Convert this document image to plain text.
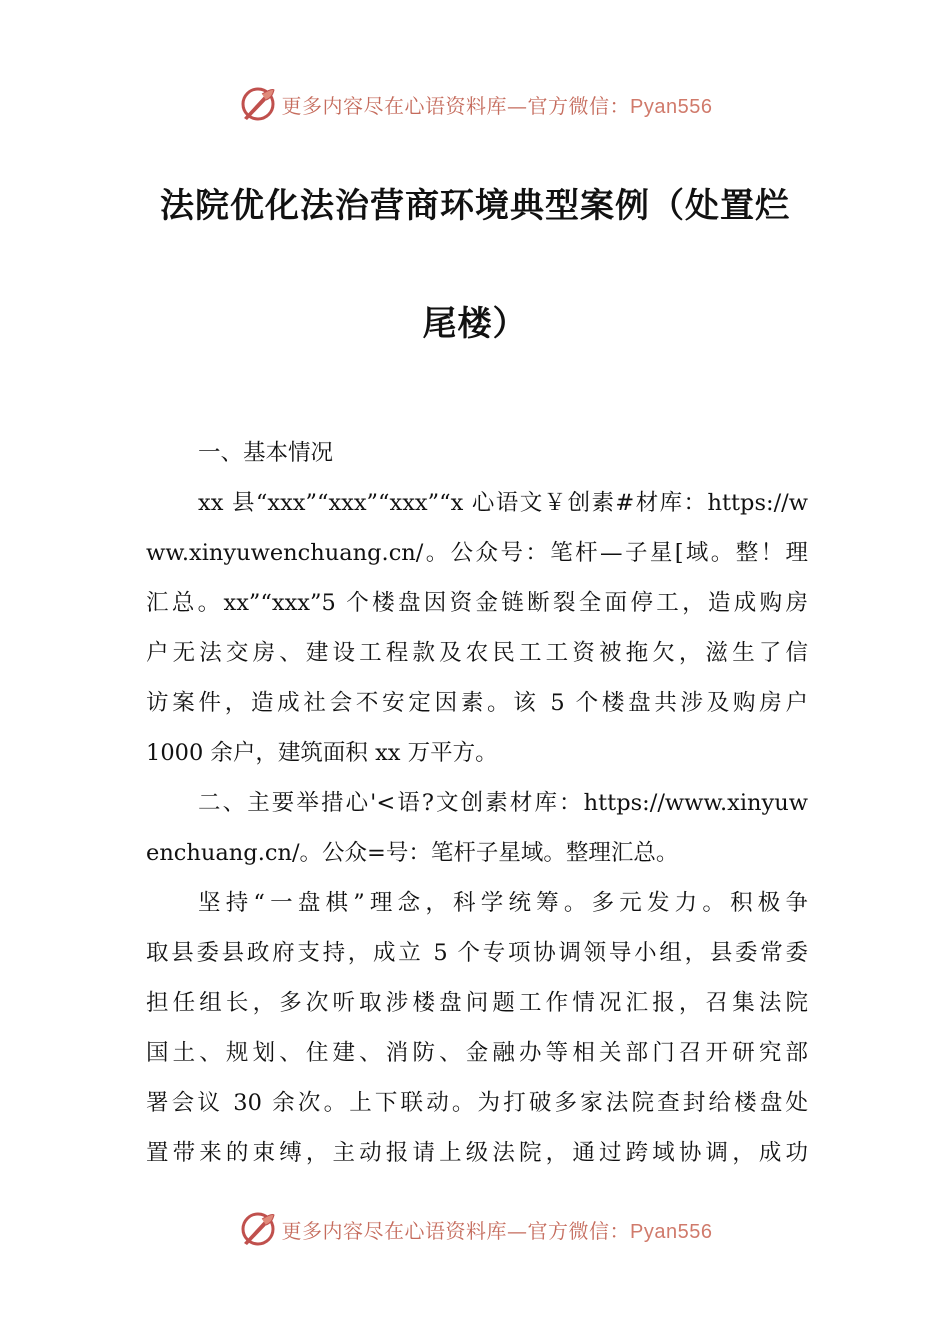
更多内容尽在心语资料库—官方微信：Pyan556
法院优化法治营商环境典型案例（处置烂
尾楼）
一、基本情况
xx 县“xxx”“xxx”“xxx”“x 心语文￥创素#材库：https://w
ww.xinyuwenchuang.cn/。公众号：笔杆—子星[域。整！理
汇总。xx”“xxx”5 个楼盘因资金链断裂全面停工，造成购房
户无法交房、建设工程款及农民工工资被拖欠，滋生了信
访案件，造成社会不安定因素。该 5 个楼盘共涉及购房户
1000 余户，建筑面积 xx 万平方。
二、主要举措心'<语?文创素材库：https://www.xinyuw
enchuang.cn/。公众=号：笔杆子星域。整理汇总。
坚持“一盘棋”理念，科学统筹。多元发力。积极争
取县委县政府支持，成立 5 个专项协调领导小组，县委常委
担任组长，多次听取涉楼盘问题工作情况汇报，召集法院
国土、规划、住建、消防、金融办等相关部门召开研究部
署会议 30 余次。上下联动。为打破多家法院查封给楼盘处
置带来的束缚，主动报请上级法院，通过跨域协调，成功
更多内容尽在心语资料库—官方微信：Pyan556
